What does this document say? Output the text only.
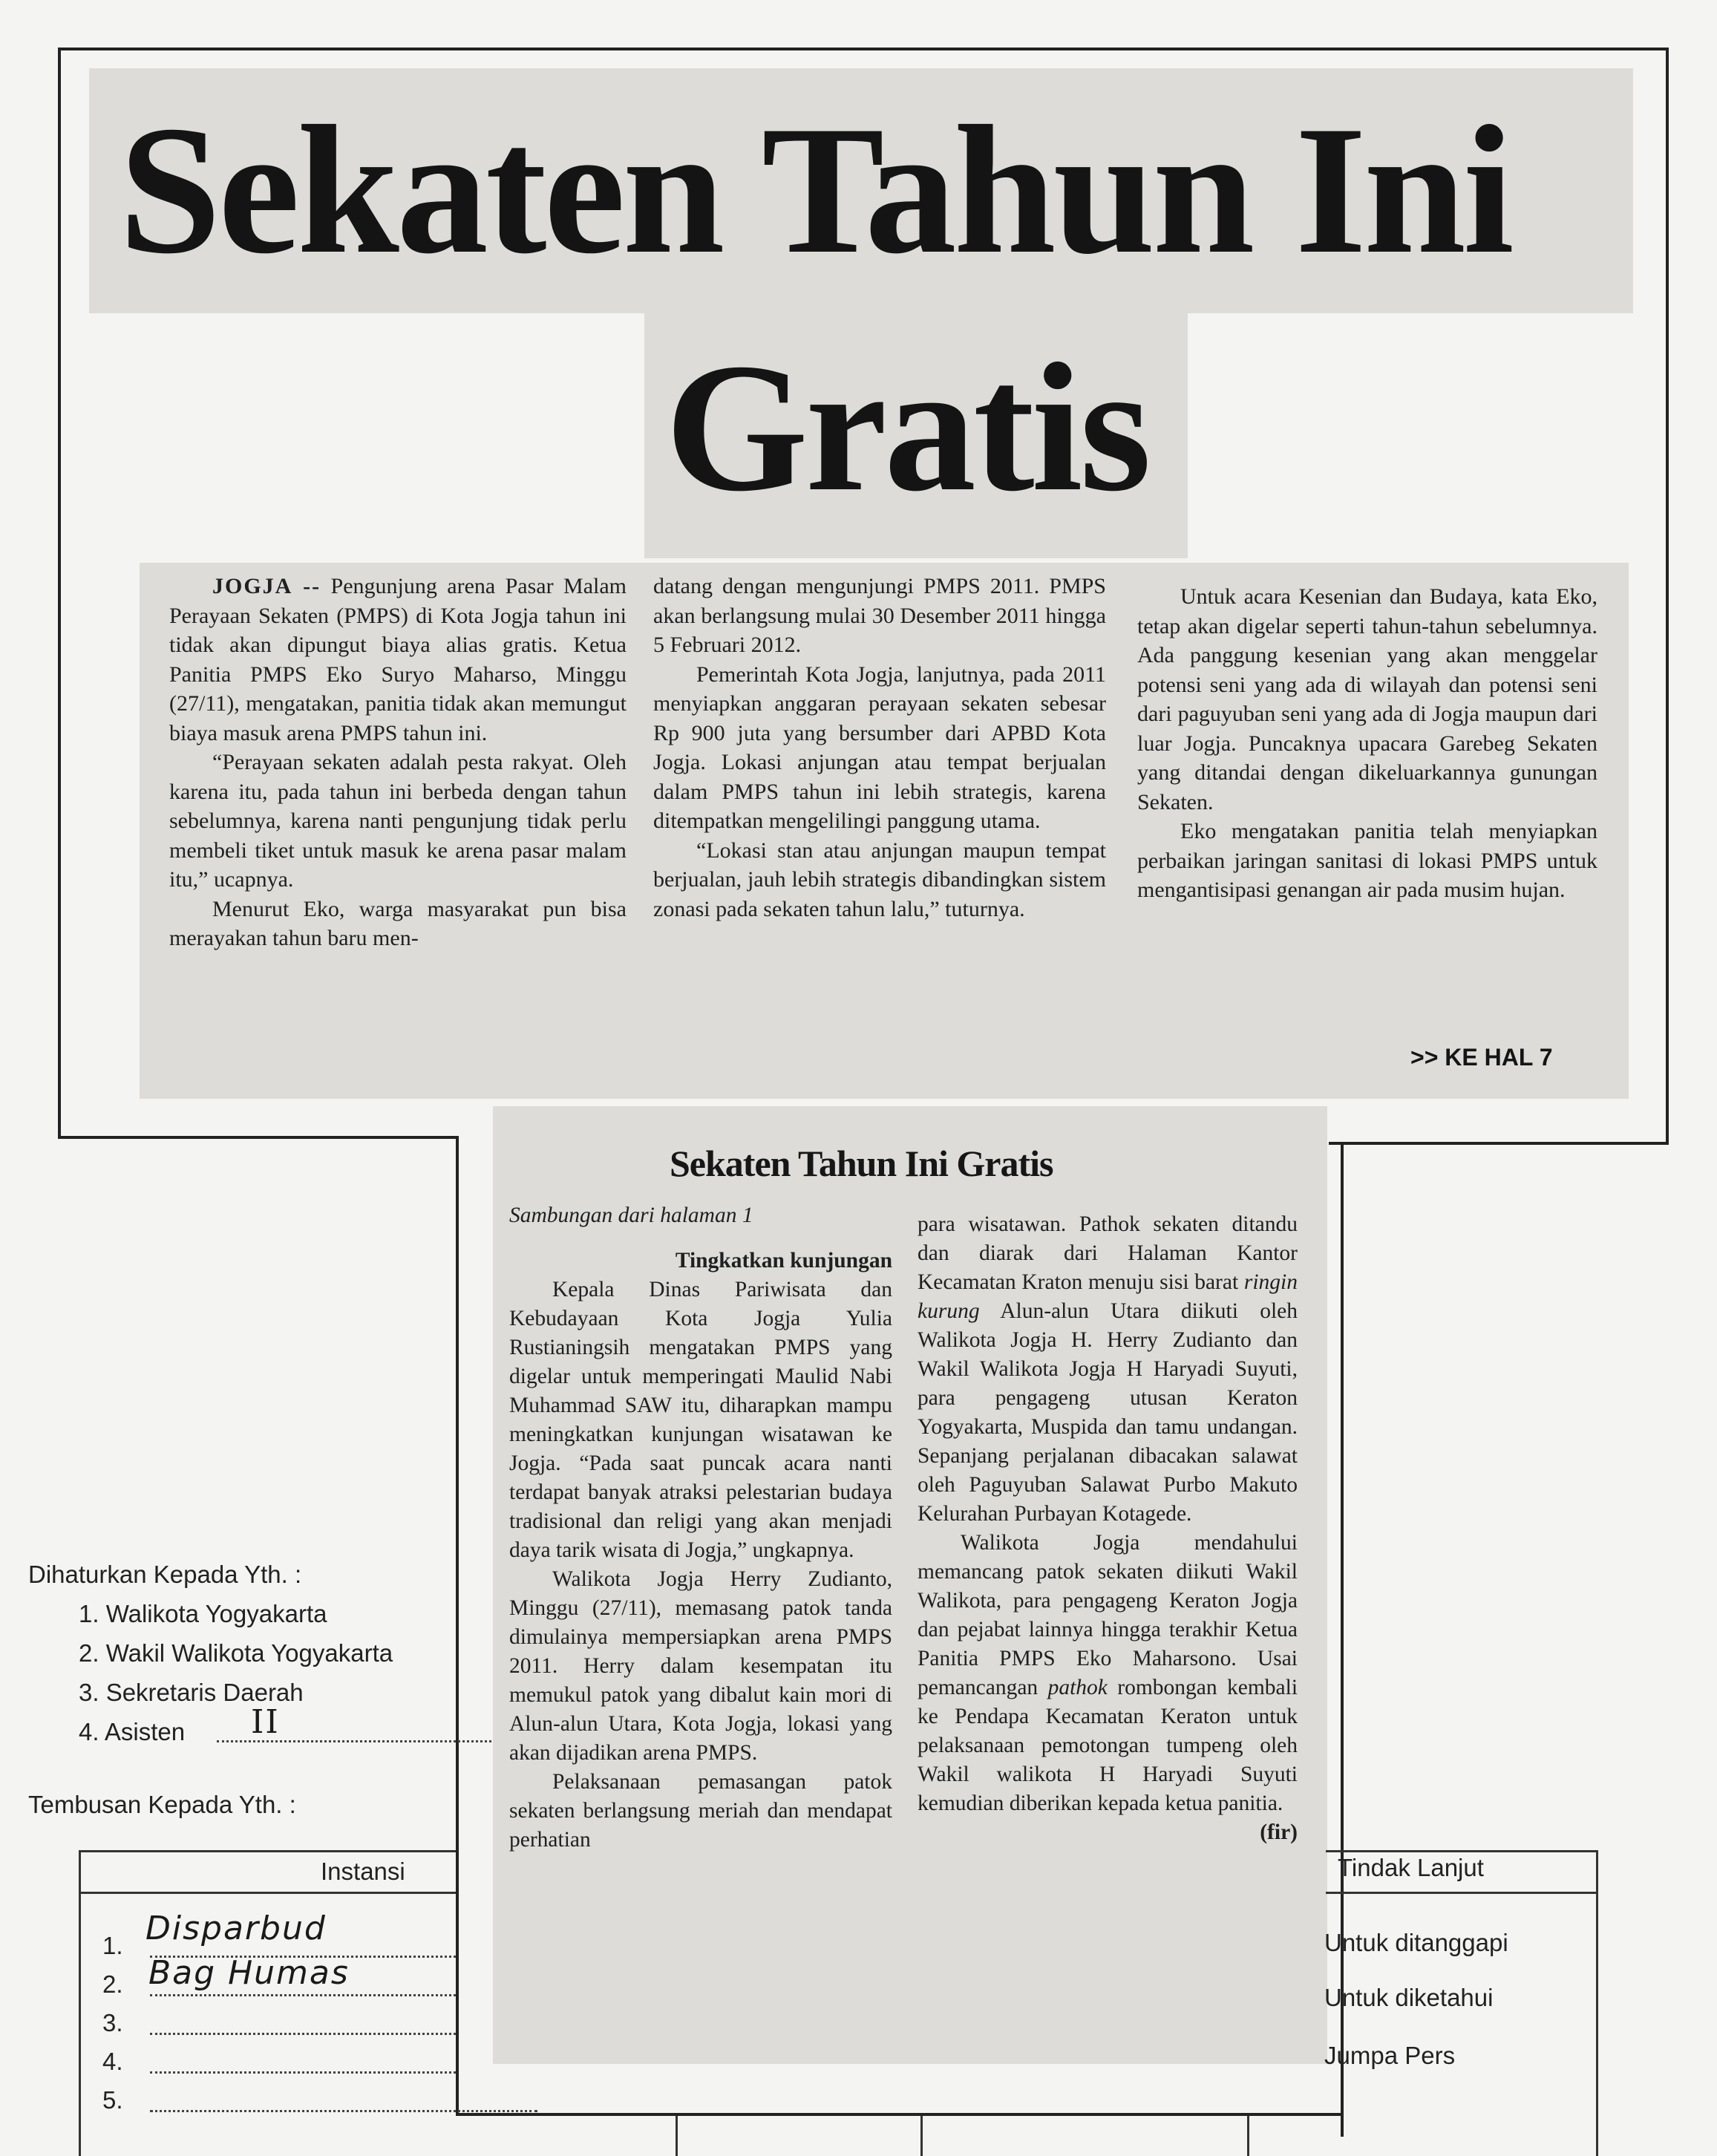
Sekaten Tahun Ini
Gratis

JOGJA -- Pengunjung arena Pasar Malam Perayaan Sekaten (PMPS) di Kota Jogja tahun ini tidak akan dipungut biaya alias gratis. Ketua Panitia PMPS Eko Suryo Maharso, Minggu (27/11), mengatakan, panitia tidak akan memungut biaya masuk arena PMPS tahun ini.

“Perayaan sekaten adalah pesta rakyat. Oleh karena itu, pada tahun ini berbeda dengan tahun sebelumnya, karena nanti pengunjung tidak perlu membeli tiket untuk masuk ke arena pasar malam itu,” ucapnya.

Menurut Eko, warga masyarakat pun bisa merayakan tahun baru men-

datang dengan mengunjungi PMPS 2011. PMPS akan berlangsung mulai 30 Desember 2011 hingga 5 Februari 2012.

Pemerintah Kota Jogja, lanjutnya, pada 2011 menyiapkan anggaran perayaan sekaten sebesar Rp 900 juta yang bersumber dari APBD Kota Jogja. Lokasi anjungan atau tempat berjualan dalam PMPS tahun ini lebih strategis, karena ditempatkan mengelilingi panggung utama.

“Lokasi stan atau anjungan maupun tempat berjualan, jauh lebih strategis dibandingkan sistem zonasi pada sekaten tahun lalu,” tuturnya.

Untuk acara Kesenian dan Budaya, kata Eko, tetap akan digelar seperti tahun-tahun sebelumnya. Ada panggung kesenian yang akan menggelar potensi seni yang ada di wilayah dan potensi seni dari paguyuban seni yang ada di Jogja maupun dari luar Jogja. Puncaknya upacara Garebeg Sekaten yang ditandai dengan dikeluarkannya gunungan Sekaten.

Eko mengatakan panitia telah menyiapkan perbaikan jaringan sanitasi di lokasi PMPS untuk mengantisipasi genangan air pada musim hujan.

>> KE HAL 7
Sekaten Tahun Ini Gratis

Sambungan dari halaman 1

Tingkatkan kunjungan

Kepala Dinas Pariwisata dan Kebudayaan Kota Jogja Yulia Rustianingsih mengatakan PMPS yang digelar untuk memperingati Maulid Nabi Muhammad SAW itu, diharapkan mampu meningkatkan kunjungan wisatawan ke Jogja. “Pada saat puncak acara nanti terdapat banyak atraksi pelestarian budaya tradisional dan religi yang akan menjadi daya tarik wisata di Jogja,” ungkapnya.

Walikota Jogja Herry Zudianto, Minggu (27/11), memasang patok tanda dimulainya mempersiapkan arena PMPS 2011. Herry dalam kesempatan itu memukul patok yang dibalut kain mori di Alun-alun Utara, Kota Jogja, lokasi yang akan dijadikan arena PMPS.

Pelaksanaan pemasangan patok sekaten berlangsung meriah dan mendapat perhatian

para wisatawan. Pathok sekaten ditandu dan diarak dari Halaman Kantor Kecamatan Kraton menuju sisi barat ringin kurung Alun-alun Utara diikuti oleh Walikota Jogja H. Herry Zudianto dan Wakil Walikota Jogja H Haryadi Suyuti, para pengageng utusan Keraton Yogyakarta, Muspida dan tamu undangan. Sepanjang perjalanan dibacakan salawat oleh Paguyuban Salawat Purbo Makuto Kelurahan Purbayan Kotagede.

Walikota Jogja mendahului memancang patok sekaten diikuti Wakil Walikota, para pengageng Keraton Jogja dan pejabat lainnya hingga terakhir Ketua Panitia PMPS Eko Maharsono. Usai pemancangan pathok rombongan kembali ke Pendapa Kecamatan Keraton untuk pelaksanaan pemotongan tumpeng oleh Wakil walikota H Haryadi Suyuti kemudian diberikan kepada ketua panitia.

(fir)

Dihaturkan Kepada Yth. :
1. Walikota Yogyakarta
2. Wakil Walikota Yogyakarta
3. Sekretaris Daerah
4. Asisten II
Tembusan Kepada Yth. :
Instansi	Tindak Lanjut
1.
2.
3.
4.
5.
Disparbud
Bag Humas
Untuk ditanggapi
Untuk diketahui
Jumpa Pers
